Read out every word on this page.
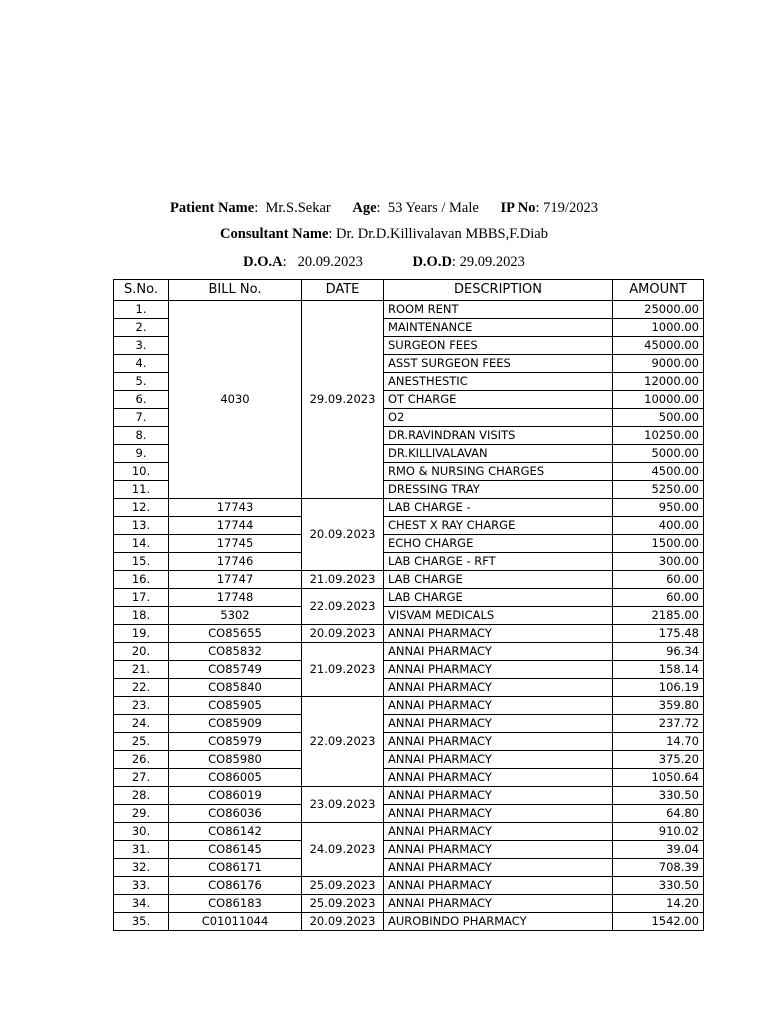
Patient Name:  Mr.S.Sekar Age:  53 Years / Male IP No: 719/2023
Consultant Name: Dr. Dr.D.Killivalavan MBBS,F.Diab
D.O.A:   20.09.2023	D.O.D: 29.09.2023
S.No.	BILL No.	DATE	DESCRIPTION	AMOUNT
1.	4030	29.09.2023	ROOM RENT	25000.00
2.			MAINTENANCE	1000.00
3.			SURGEON FEES	45000.00
4.			ASST SURGEON FEES	9000.00
5.			ANESTHESTIC	12000.00
6.			OT CHARGE	10000.00
7.			O2	500.00
8.			DR.RAVINDRAN VISITS	10250.00
9.			DR.KILLIVALAVAN	5000.00
10.			RMO & NURSING CHARGES	4500.00
11.			DRESSING TRAY	5250.00
12.	17743	20.09.2023	LAB CHARGE -	950.00
13.	17744		CHEST X RAY CHARGE	400.00
14.	17745		ECHO CHARGE	1500.00
15.	17746		LAB CHARGE - RFT	300.00
16.	17747	21.09.2023	LAB CHARGE	60.00
17.	17748	22.09.2023	LAB CHARGE	60.00
18.	5302		VISVAM MEDICALS	2185.00
19.	CO85655	20.09.2023	ANNAI PHARMACY	175.48
20.	CO85832	21.09.2023	ANNAI PHARMACY	96.34
21.	CO85749		ANNAI PHARMACY	158.14
22.	CO85840		ANNAI PHARMACY	106.19
23.	CO85905	22.09.2023	ANNAI PHARMACY	359.80
24.	CO85909		ANNAI PHARMACY	237.72
25.	CO85979		ANNAI PHARMACY	14.70
26.	CO85980		ANNAI PHARMACY	375.20
27.	CO86005		ANNAI PHARMACY	1050.64
28.	CO86019	23.09.2023	ANNAI PHARMACY	330.50
29.	CO86036		ANNAI PHARMACY	64.80
30.	CO86142	24.09.2023	ANNAI PHARMACY	910.02
31.	CO86145		ANNAI PHARMACY	39.04
32.	CO86171		ANNAI PHARMACY	708.39
33.	CO86176	25.09.2023	ANNAI PHARMACY	330.50
34.	CO86183	25.09.2023	ANNAI PHARMACY	14.20
35.	C01011044	20.09.2023	AUROBINDO PHARMACY	1542.00
